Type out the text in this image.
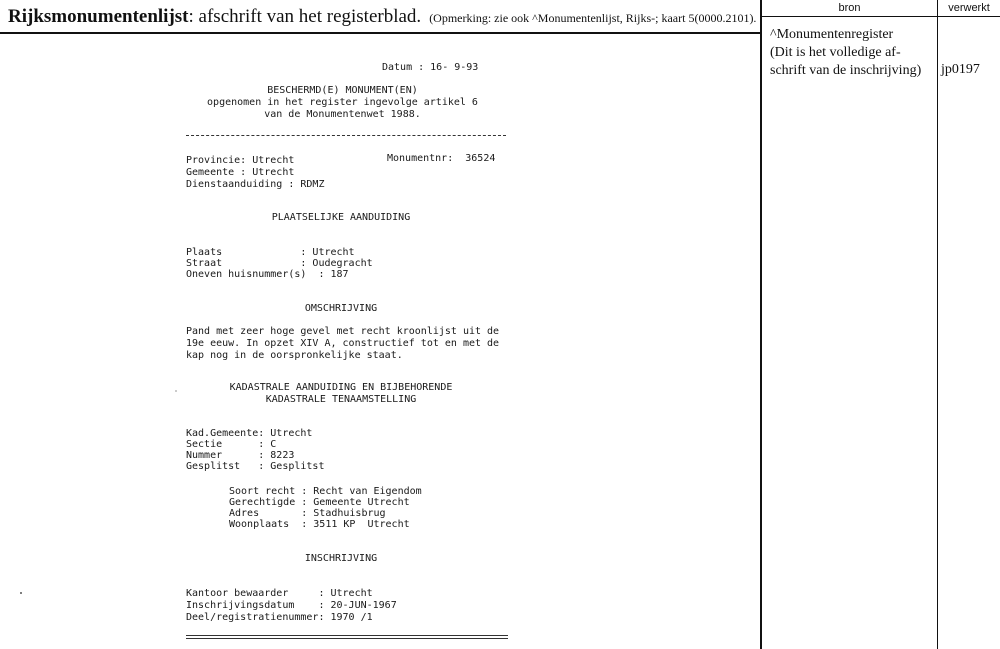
Rijksmonumentenlijst: afschrift van het registerblad. (Opmerking: zie ook ^Monumentenlijst, Rijks-; kaart 5(0000.2101).
bron	verwerkt
^Monumentenregister
(Dit is het volledige af-
schrift van de inschrijving)	jp0197
Datum : 16- 9-93
BESCHERMD(E) MONUMENT(EN)
opgenomen in het register ingevolge artikel 6
van de Monumentenwet 1988.
Provincie: Utrecht	Monumentnr:  36524
Gemeente : Utrecht
Dienstaanduiding : RDMZ
PLAATSELIJKE AANDUIDING
Plaats             : Utrecht
Straat             : Oudegracht
Oneven huisnummer(s)  : 187
OMSCHRIJVING
Pand met zeer hoge gevel met recht kroonlijst uit de
19e eeuw. In opzet XIV A, constructief tot en met de
kap nog in de oorspronkelijke staat.
KADASTRALE AANDUIDING EN BIJBEHORENDE
KADASTRALE TENAAMSTELLING
Kad.Gemeente: Utrecht
Sectie      : C
Nummer      : 8223
Gesplitst   : Gesplitst
Soort recht : Recht van Eigendom
Gerechtigde : Gemeente Utrecht
Adres       : Stadhuisbrug
Woonplaats  : 3511 KP  Utrecht
INSCHRIJVING
Kantoor bewaarder     : Utrecht
Inschrijvingsdatum    : 20-JUN-1967
Deel/registratienummer: 1970 /1
